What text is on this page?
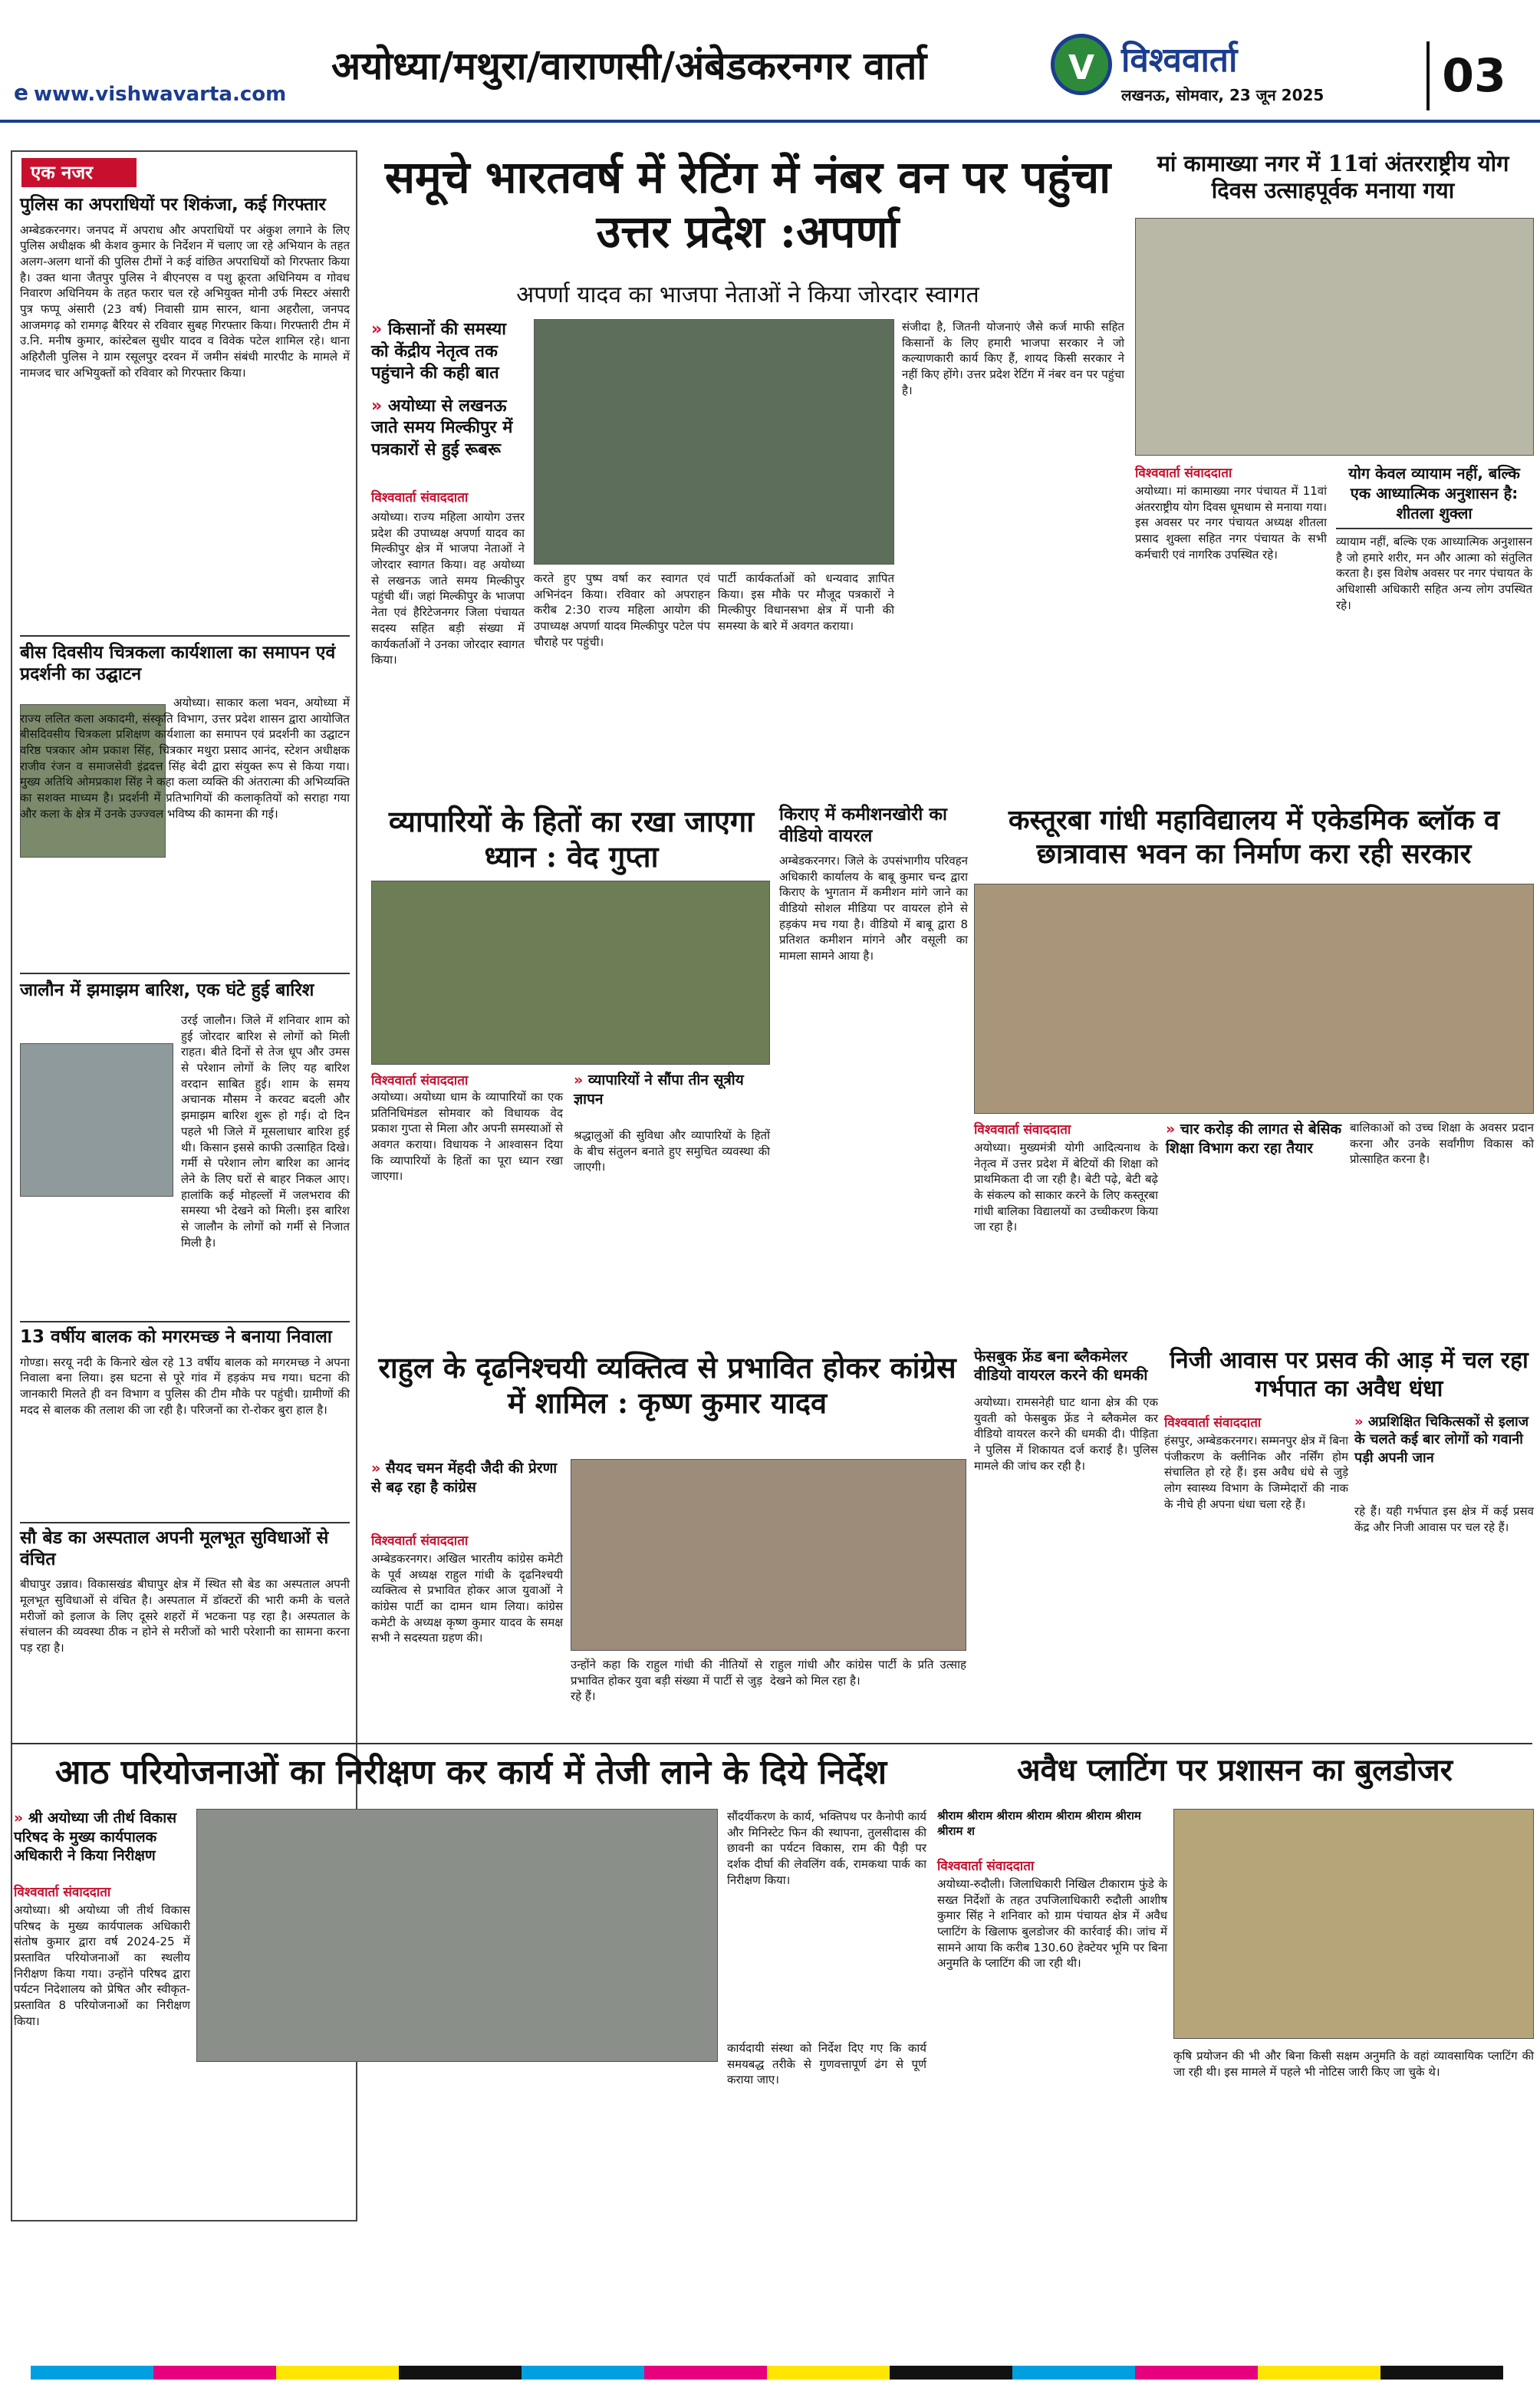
अयोध्या/मथुरा/वाराणसी/अंबेडकरनगर वार्ता
e www.vishwavarta.com
V विश्ववार्ता
लखनऊ, सोमवार, 23 जून 2025	03
एक नजर
पुलिस का अपराधियों पर शिकंजा, कई गिरफ्तार
अम्बेडकरनगर। जनपद में अपराध और अपराधियों पर अंकुश लगाने के लिए पुलिस अधीक्षक श्री केशव कुमार के निर्देशन में चलाए जा रहे अभियान के तहत अलग-अलग थानों की पुलिस टीमों ने कई वांछित अपराधियों को गिरफ्तार किया है। उक्त थाना जैतपुर पुलिस ने बीएनएस व पशु क्रूरता अधिनियम व गोवध निवारण अधिनियम के तहत फरार चल रहे अभियुक्त मोनी उर्फ मिस्टर अंसारी पुत्र फप्पू अंसारी (23 वर्ष) निवासी ग्राम सारन, थाना अहरौला, जनपद आजमगढ़ को रामगढ़ बैरियर से रविवार सुबह गिरफ्तार किया। गिरफ्तारी टीम में उ.नि. मनीष कुमार, कांस्टेबल सुधीर यादव व विवेक पटेल शामिल रहे। थाना अहिरौली पुलिस ने ग्राम रसूलपुर दरवन में जमीन संबंधी मारपीट के मामले में नामजद चार अभियुक्तों को रविवार को गिरफ्तार किया।
बीस दिवसीय चित्रकला कार्यशाला का समापन एवं प्रदर्शनी का उद्घाटन
अयोध्या। साकार कला भवन, अयोध्या में राज्य ललित कला अकादमी, संस्कृति विभाग, उत्तर प्रदेश शासन द्वारा आयोजित बीसदिवसीय चित्रकला प्रशिक्षण कार्यशाला का समापन एवं प्रदर्शनी का उद्घाटन वरिष्ठ पत्रकार ओम प्रकाश सिंह, चित्रकार मथुरा प्रसाद आनंद, स्टेशन अधीक्षक राजीव रंजन व समाजसेवी इंद्रदत्त सिंह बेदी द्वारा संयुक्त रूप से किया गया। मुख्य अतिथि ओमप्रकाश सिंह ने कहा कला व्यक्ति की अंतरात्मा की अभिव्यक्ति का सशक्त माध्यम है। प्रदर्शनी में प्रतिभागियों की कलाकृतियों को सराहा गया और कला के क्षेत्र में उनके उज्ज्वल भविष्य की कामना की गई।
जालौन में झमाझम बारिश, एक घंटे हुई बारिश
उरई जालौन। जिले में शनिवार शाम को हुई जोरदार बारिश से लोगों को मिली राहत। बीते दिनों से तेज धूप और उमस से परेशान लोगों के लिए यह बारिश वरदान साबित हुई। शाम के समय अचानक मौसम ने करवट बदली और झमाझम बारिश शुरू हो गई। दो दिन पहले भी जिले में मूसलाधार बारिश हुई थी। किसान इससे काफी उत्साहित दिखे। गर्मी से परेशान लोग बारिश का आनंद लेने के लिए घरों से बाहर निकल आए। हालांकि कई मोहल्लों में जलभराव की समस्या भी देखने को मिली। इस बारिश से जालौन के लोगों को गर्मी से निजात मिली है।
13 वर्षीय बालक को मगरमच्छ ने बनाया निवाला
गोण्डा। सरयू नदी के किनारे खेल रहे 13 वर्षीय बालक को मगरमच्छ ने अपना निवाला बना लिया। इस घटना से पूरे गांव में हड़कंप मच गया। घटना की जानकारी मिलते ही वन विभाग व पुलिस की टीम मौके पर पहुंची। ग्रामीणों की मदद से बालक की तलाश की जा रही है। परिजनों का रो-रोकर बुरा हाल है।
सौ बेड का अस्पताल अपनी मूलभूत सुविधाओं से वंचित
बीघापुर उन्नाव। विकासखंड बीघापुर क्षेत्र में स्थित सौ बेड का अस्पताल अपनी मूलभूत सुविधाओं से वंचित है। अस्पताल में डॉक्टरों की भारी कमी के चलते मरीजों को इलाज के लिए दूसरे शहरों में भटकना पड़ रहा है। अस्पताल के संचालन की व्यवस्था ठीक न होने से मरीजों को भारी परेशानी का सामना करना पड़ रहा है।
समूचे भारतवर्ष में रेटिंग में नंबर वन पर पहुंचा उत्तर प्रदेश :अपर्णा
अपर्णा यादव का भाजपा नेताओं ने किया जोरदार स्वागत
» किसानों की समस्या को केंद्रीय नेतृत्व तक पहुंचाने की कही बात
» अयोध्या से लखनऊ जाते समय मिल्कीपुर में पत्रकारों से हुई रूबरू
विश्ववार्ता संवाददाता
अयोध्या। राज्य महिला आयोग उत्तर प्रदेश की उपाध्यक्ष अपर्णा यादव का मिल्कीपुर क्षेत्र में भाजपा नेताओं ने जोरदार स्वागत किया। वह अयोध्या से लखनऊ जाते समय मिल्कीपुर पहुंची थीं। जहां मिल्कीपुर के भाजपा नेता एवं हैरिटेजनगर जिला पंचायत सदस्य सहित बड़ी संख्या में कार्यकर्ताओं ने उनका जोरदार स्वागत किया।
करते हुए पुष्प वर्षा कर स्वागत एवं अभिनंदन किया। रविवार को अपराहन करीब 2:30 राज्य महिला आयोग की उपाध्यक्ष अपर्णा यादव मिल्कीपुर पटेल पंप चौराहे पर पहुंची।
पार्टी कार्यकर्ताओं को धन्यवाद ज्ञापित किया। इस मौके पर मौजूद पत्रकारों ने मिल्कीपुर विधानसभा क्षेत्र में पानी की समस्या के बारे में अवगत कराया।
संजीदा है, जितनी योजनाएं जैसे कर्ज माफी सहित किसानों के लिए हमारी भाजपा सरकार ने जो कल्याणकारी कार्य किए हैं, शायद किसी सरकार ने नहीं किए होंगे। उत्तर प्रदेश रेटिंग में नंबर वन पर पहुंचा है।
मां कामाख्या नगर में 11वां अंतरराष्ट्रीय योग दिवस उत्साहपूर्वक मनाया गया
विश्ववार्ता संवाददाता
अयोध्या। मां कामाख्या नगर पंचायत में 11वां अंतरराष्ट्रीय योग दिवस धूमधाम से मनाया गया। इस अवसर पर नगर पंचायत अध्यक्ष शीतला प्रसाद शुक्ला सहित नगर पंचायत के सभी कर्मचारी एवं नागरिक उपस्थित रहे।
योग केवल व्यायाम नहीं, बल्कि एक आध्यात्मिक अनुशासन है: शीतला शुक्ला
व्यायाम नहीं, बल्कि एक आध्यात्मिक अनुशासन है जो हमारे शरीर, मन और आत्मा को संतुलित करता है। इस विशेष अवसर पर नगर पंचायत के अधिशासी अधिकारी सहित अन्य लोग उपस्थित रहे।
व्यापारियों के हितों का रखा जाएगा ध्यान : वेद गुप्ता
विश्ववार्ता संवाददाता
अयोध्या। अयोध्या धाम के व्यापारियों का एक प्रतिनिधिमंडल सोमवार को विधायक वेद प्रकाश गुप्ता से मिला और अपनी समस्याओं से अवगत कराया। विधायक ने आश्वासन दिया कि व्यापारियों के हितों का पूरा ध्यान रखा जाएगा।
» व्यापारियों ने सौंपा तीन सूत्रीय ज्ञापन
श्रद्धालुओं की सुविधा और व्यापारियों के हितों के बीच संतुलन बनाते हुए समुचित व्यवस्था की जाएगी।
किराए में कमीशनखोरी का वीडियो वायरल
अम्बेडकरनगर। जिले के उपसंभागीय परिवहन अधिकारी कार्यालय के बाबू कुमार चन्द द्वारा किराए के भुगतान में कमीशन मांगे जाने का वीडियो सोशल मीडिया पर वायरल होने से हड़कंप मच गया है। वीडियो में बाबू द्वारा 8 प्रतिशत कमीशन मांगने और वसूली का मामला सामने आया है।
कस्तूरबा गांधी महाविद्यालय में एकेडमिक ब्लॉक व छात्रावास भवन का निर्माण करा रही सरकार
विश्ववार्ता संवाददाता
अयोध्या। मुख्यमंत्री योगी आदित्यनाथ के नेतृत्व में उत्तर प्रदेश में बेटियों की शिक्षा को प्राथमिकता दी जा रही है। बेटी पढ़े, बेटी बढ़े के संकल्प को साकार करने के लिए कस्तूरबा गांधी बालिका विद्यालयों का उच्चीकरण किया जा रहा है।
» चार करोड़ की लागत से बेसिक शिक्षा विभाग करा रहा तैयार
बालिकाओं को उच्च शिक्षा के अवसर प्रदान करना और उनके सर्वांगीण विकास को प्रोत्साहित करना है।
राहुल के दृढनिश्चयी व्यक्तित्व से प्रभावित होकर कांग्रेस में शामिल : कृष्ण कुमार यादव
» सैयद चमन मेंहदी जैदी की प्रेरणा से बढ़ रहा है कांग्रेस
विश्ववार्ता संवाददाता
अम्बेडकरनगर। अखिल भारतीय कांग्रेस कमेटी के पूर्व अध्यक्ष राहुल गांधी के दृढनिश्चयी व्यक्तित्व से प्रभावित होकर आज युवाओं ने कांग्रेस पार्टी का दामन थाम लिया। कांग्रेस कमेटी के अध्यक्ष कृष्ण कुमार यादव के समक्ष सभी ने सदस्यता ग्रहण की।
उन्होंने कहा कि राहुल गांधी की नीतियों से प्रभावित होकर युवा बड़ी संख्या में पार्टी से जुड़ रहे हैं।
राहुल गांधी और कांग्रेस पार्टी के प्रति उत्साह देखने को मिल रहा है।
फेसबुक फ्रेंड बना ब्लैकमेलर वीडियो वायरल करने की धमकी
अयोध्या। रामसनेही घाट थाना क्षेत्र की एक युवती को फेसबुक फ्रेंड ने ब्लैकमेल कर वीडियो वायरल करने की धमकी दी। पीड़िता ने पुलिस में शिकायत दर्ज कराई है। पुलिस मामले की जांच कर रही है।
निजी आवास पर प्रसव की आड़ में चल रहा गर्भपात का अवैध धंधा
विश्ववार्ता संवाददाता
हंसपुर, अम्बेडकरनगर। सम्मनपुर क्षेत्र में बिना पंजीकरण के क्लीनिक और नर्सिंग होम संचालित हो रहे हैं। इस अवैध धंधे से जुड़े लोग स्वास्थ्य विभाग के जिम्मेदारों की नाक के नीचे ही अपना धंधा चला रहे हैं।
» अप्रशिक्षित चिकित्सकों से इलाज के चलते कई बार लोगों को गवानी पड़ी अपनी जान
रहे हैं। यही गर्भपात इस क्षेत्र में कई प्रसव केंद्र और निजी आवास पर चल रहे हैं।
आठ परियोजनाओं का निरीक्षण कर कार्य में तेजी लाने के दिये निर्देश
» श्री अयोध्या जी तीर्थ विकास परिषद के मुख्य कार्यपालक अधिकारी ने किया निरीक्षण
विश्ववार्ता संवाददाता
अयोध्या। श्री अयोध्या जी तीर्थ विकास परिषद के मुख्य कार्यपालक अधिकारी संतोष कुमार द्वारा वर्ष 2024-25 में प्रस्तावित परियोजनाओं का स्थलीय निरीक्षण किया गया। उन्होंने परिषद द्वारा पर्यटन निदेशालय को प्रेषित और स्वीकृत-प्रस्तावित 8 परियोजनाओं का निरीक्षण किया।
सौंदर्यीकरण के कार्य, भक्तिपथ पर कैनोपी कार्य और मिनिस्टेट फिन की स्थापना, तुलसीदास की छावनी का पर्यटन विकास, राम की पैड़ी पर दर्शक दीर्घा की लेवलिंग वर्क, रामकथा पार्क का निरीक्षण किया।
कार्यदायी संस्था को निर्देश दिए गए कि कार्य समयबद्ध तरीके से गुणवत्तापूर्ण ढंग से पूर्ण कराया जाए।
अवैध प्लाटिंग पर प्रशासन का बुलडोजर
श्रीराम श्रीराम श्रीराम श्रीराम श्रीराम श्रीराम श्रीराम श्रीराम श
विश्ववार्ता संवाददाता
अयोध्या-रुदौली। जिलाधिकारी निखिल टीकाराम फुंडे के सख्त निर्देशों के तहत उपजिलाधिकारी रुदौली आशीष कुमार सिंह ने शनिवार को ग्राम पंचायत क्षेत्र में अवैध प्लाटिंग के खिलाफ बुलडोजर की कार्रवाई की। जांच में सामने आया कि करीब 130.60 हेक्टेयर भूमि पर बिना अनुमति के प्लाटिंग की जा रही थी।
कृषि प्रयोजन की भी और बिना किसी सक्षम अनुमति के वहां व्यावसायिक प्लाटिंग की जा रही थी। इस मामले में पहले भी नोटिस जारी किए जा चुके थे।
